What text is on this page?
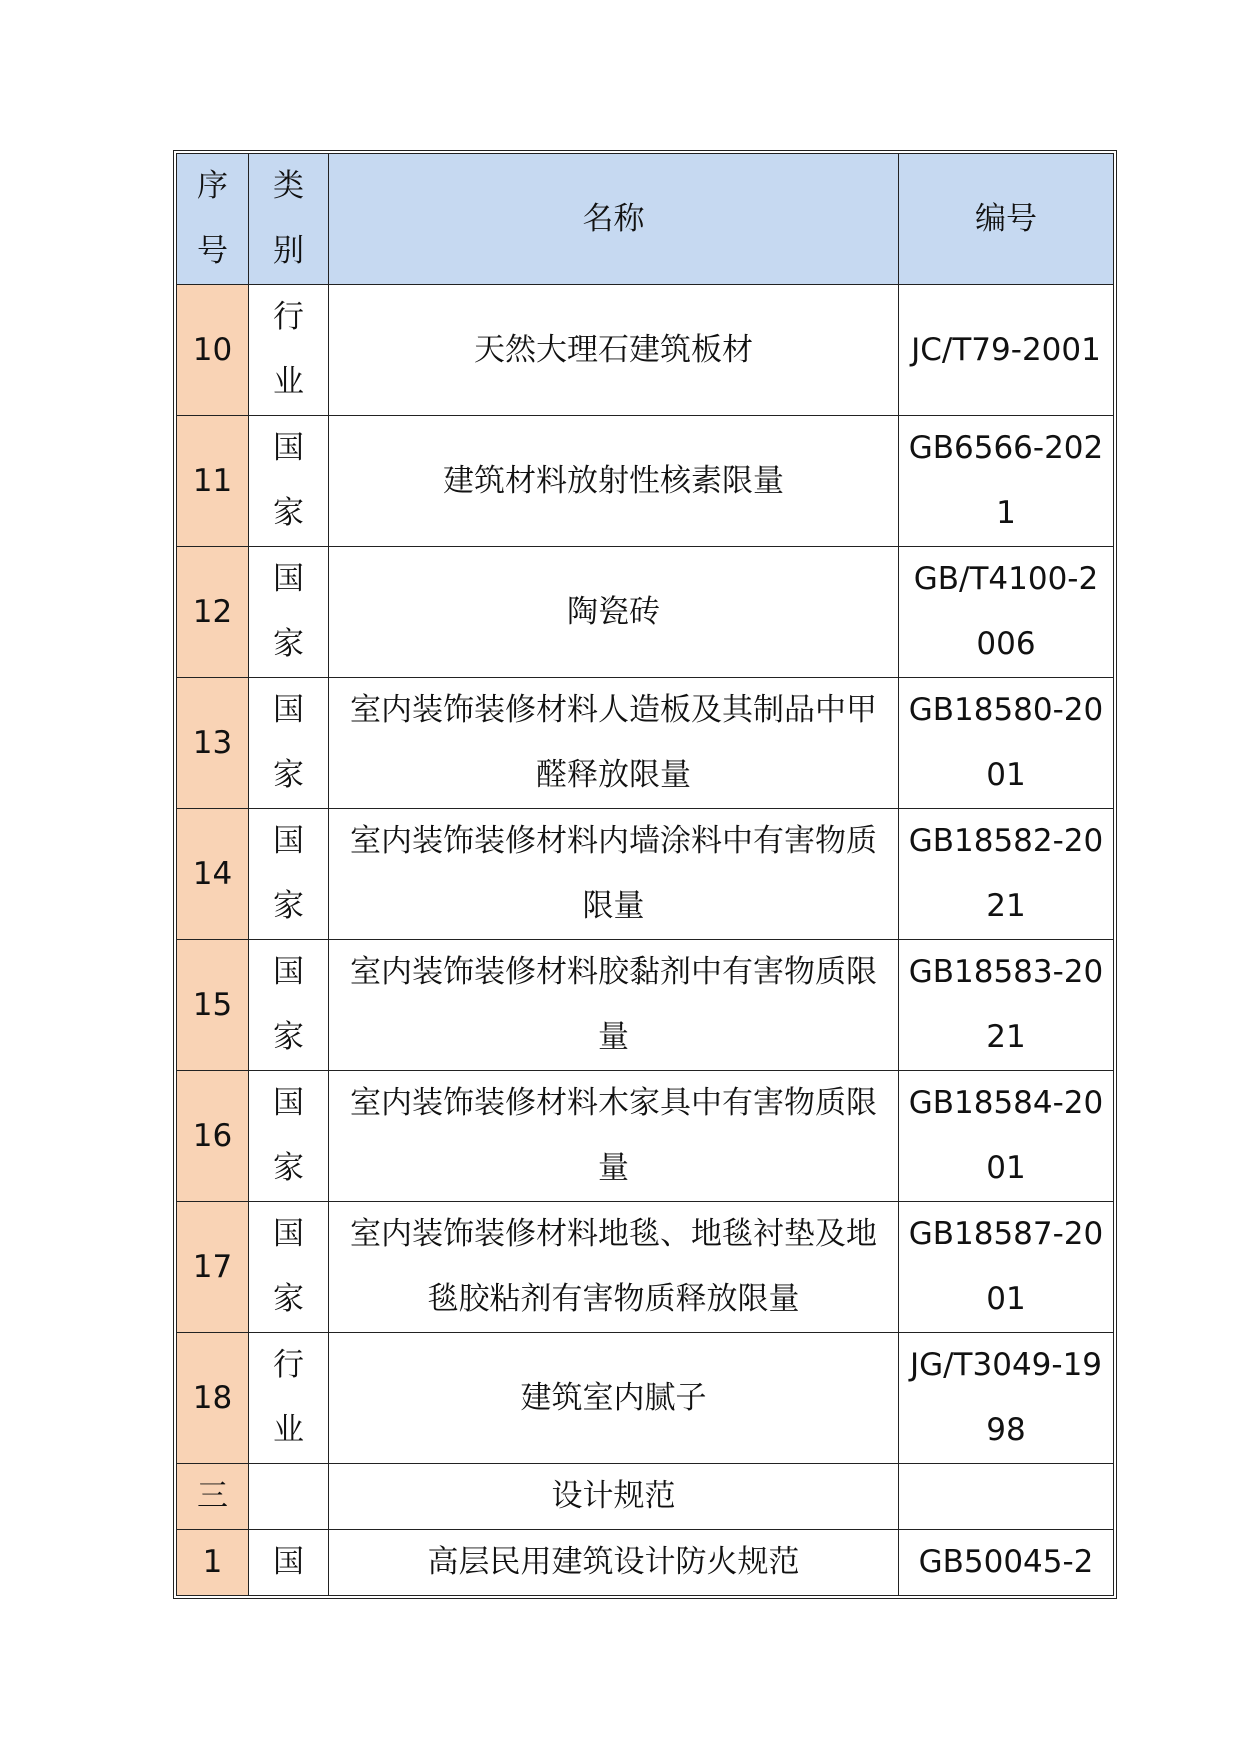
序号	类别	名称	编号
10	行业	天然大理石建筑板材	JC/T79-2001
11	国家	建筑材料放射性核素限量	GB6566-2021
12	国家	陶瓷砖	GB/T4100-2006
13	国家	室内装饰装修材料人造板及其制品中甲醛释放限量	GB18580-2001
14	国家	室内装饰装修材料内墙涂料中有害物质限量	GB18582-2021
15	国家	室内装饰装修材料胶黏剂中有害物质限量	GB18583-2021
16	国家	室内装饰装修材料木家具中有害物质限量	GB18584-2001
17	国家	室内装饰装修材料地毯、地毯衬垫及地毯胶粘剂有害物质释放限量	GB18587-2001
18	行业	建筑室内腻子	JG/T3049-1998
三		设计规范	
1	国	高层民用建筑设计防火规范	GB50045-2
